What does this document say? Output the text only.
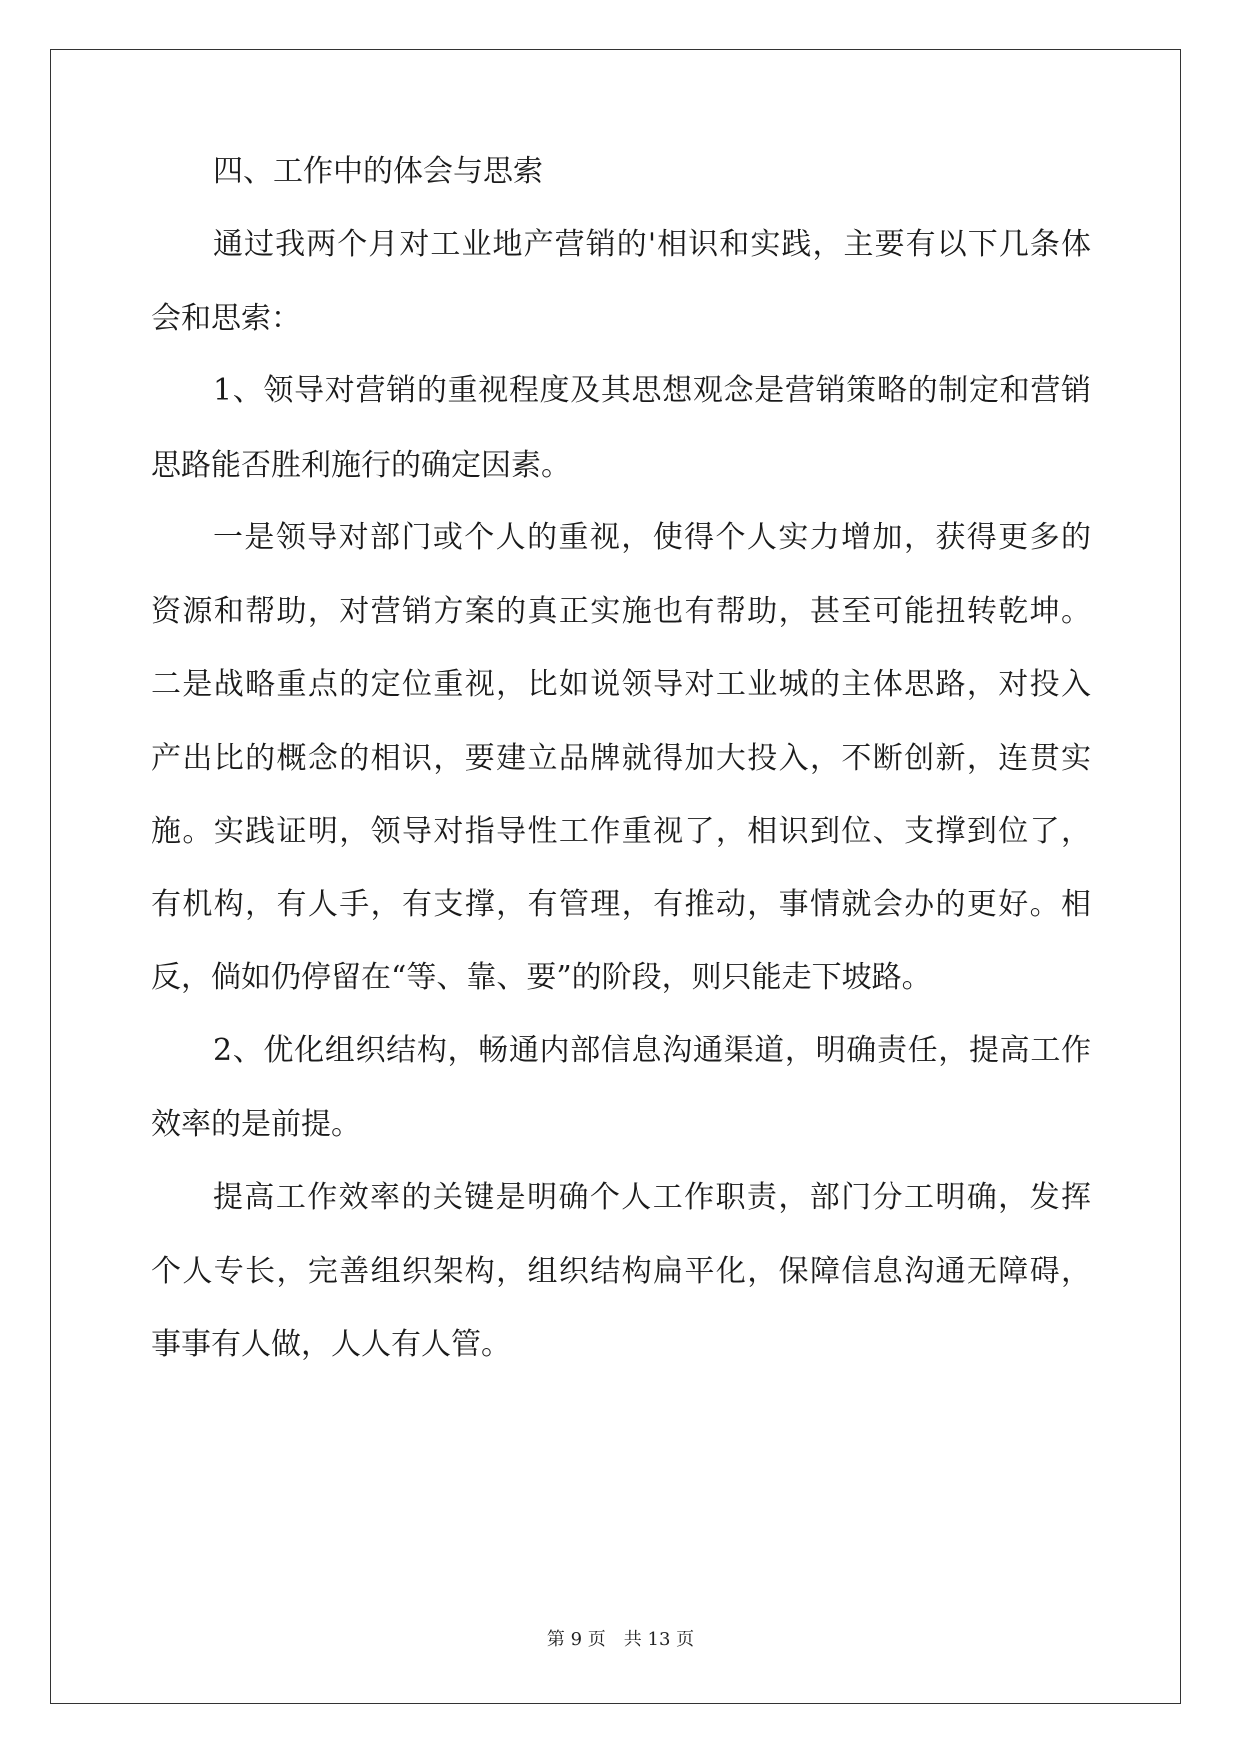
四、工作中的体会与思索
通过我两个月对工业地产营销的'相识和实践，主要有以下几条体
会和思索：
1、领导对营销的重视程度及其思想观念是营销策略的制定和营销
思路能否胜利施行的确定因素。
一是领导对部门或个人的重视，使得个人实力增加，获得更多的
资源和帮助，对营销方案的真正实施也有帮助，甚至可能扭转乾坤。
二是战略重点的定位重视，比如说领导对工业城的主体思路，对投入
产出比的概念的相识，要建立品牌就得加大投入，不断创新，连贯实
施。实践证明，领导对指导性工作重视了，相识到位、支撑到位了，
有机构，有人手，有支撑，有管理，有推动，事情就会办的更好。相
反，倘如仍停留在“等、靠、要”的阶段，则只能走下坡路。
2、优化组织结构，畅通内部信息沟通渠道，明确责任，提高工作
效率的是前提。
提高工作效率的关键是明确个人工作职责，部门分工明确，发挥
个人专长，完善组织架构，组织结构扁平化，保障信息沟通无障碍，
事事有人做，人人有人管。
第 9 页　共 13 页
